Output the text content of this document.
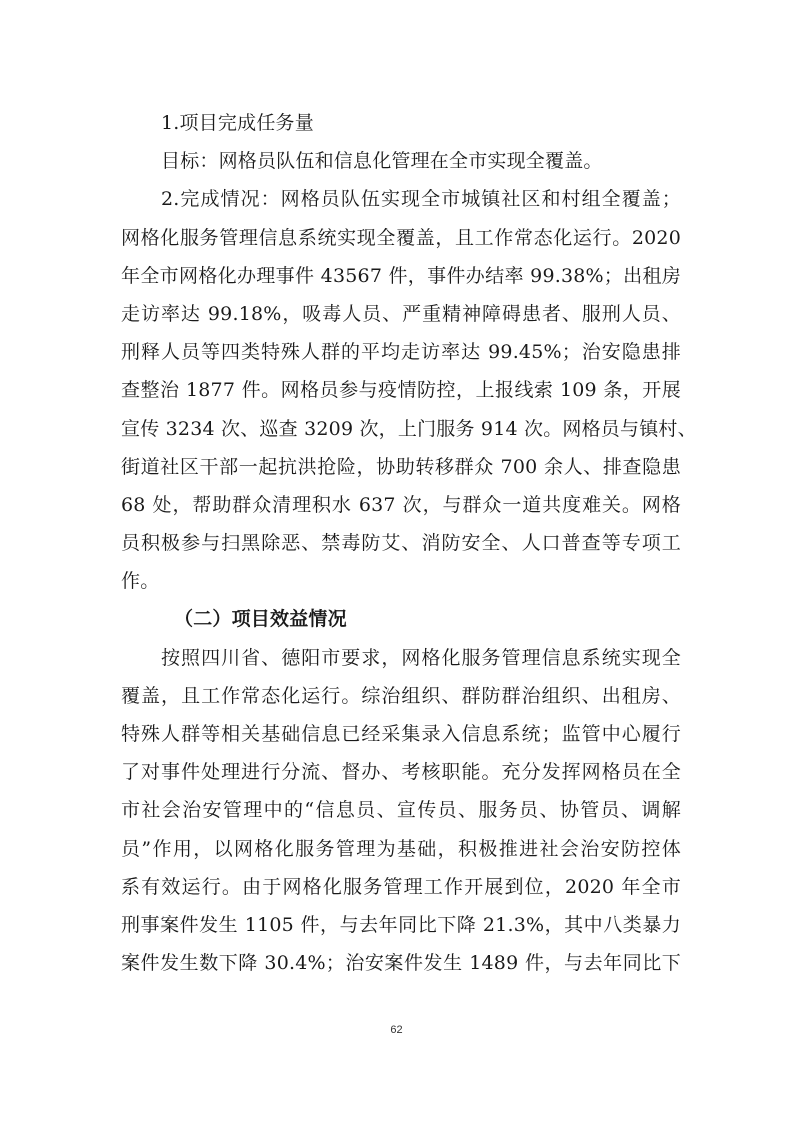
1.项目完成任务量
目标：网格员队伍和信息化管理在全市实现全覆盖。
2.完成情况：网格员队伍实现全市城镇社区和村组全覆盖；
网格化服务管理信息系统实现全覆盖，且工作常态化运行。2020
年全市网格化办理事件 43567 件，事件办结率 99.38%；出租房
走访率达 99.18%，吸毒人员、严重精神障碍患者、服刑人员、
刑释人员等四类特殊人群的平均走访率达 99.45%；治安隐患排
查整治 1877 件。网格员参与疫情防控，上报线索 109 条，开展
宣传 3234 次、巡查 3209 次，上门服务 914 次。网格员与镇村、
街道社区干部一起抗洪抢险，协助转移群众 700 余人、排查隐患
68 处，帮助群众清理积水 637 次，与群众一道共度难关。网格
员积极参与扫黑除恶、禁毒防艾、消防安全、人口普查等专项工
作。
（二）项目效益情况
按照四川省、德阳市要求，网格化服务管理信息系统实现全
覆盖，且工作常态化运行。综治组织、群防群治组织、出租房、
特殊人群等相关基础信息已经采集录入信息系统；监管中心履行
了对事件处理进行分流、督办、考核职能。充分发挥网格员在全
市社会治安管理中的“信息员、宣传员、服务员、协管员、调解
员”作用，以网格化服务管理为基础，积极推进社会治安防控体
系有效运行。由于网格化服务管理工作开展到位，2020 年全市
刑事案件发生 1105 件，与去年同比下降 21.3%，其中八类暴力
案件发生数下降 30.4%；治安案件发生 1489 件，与去年同比下
62
